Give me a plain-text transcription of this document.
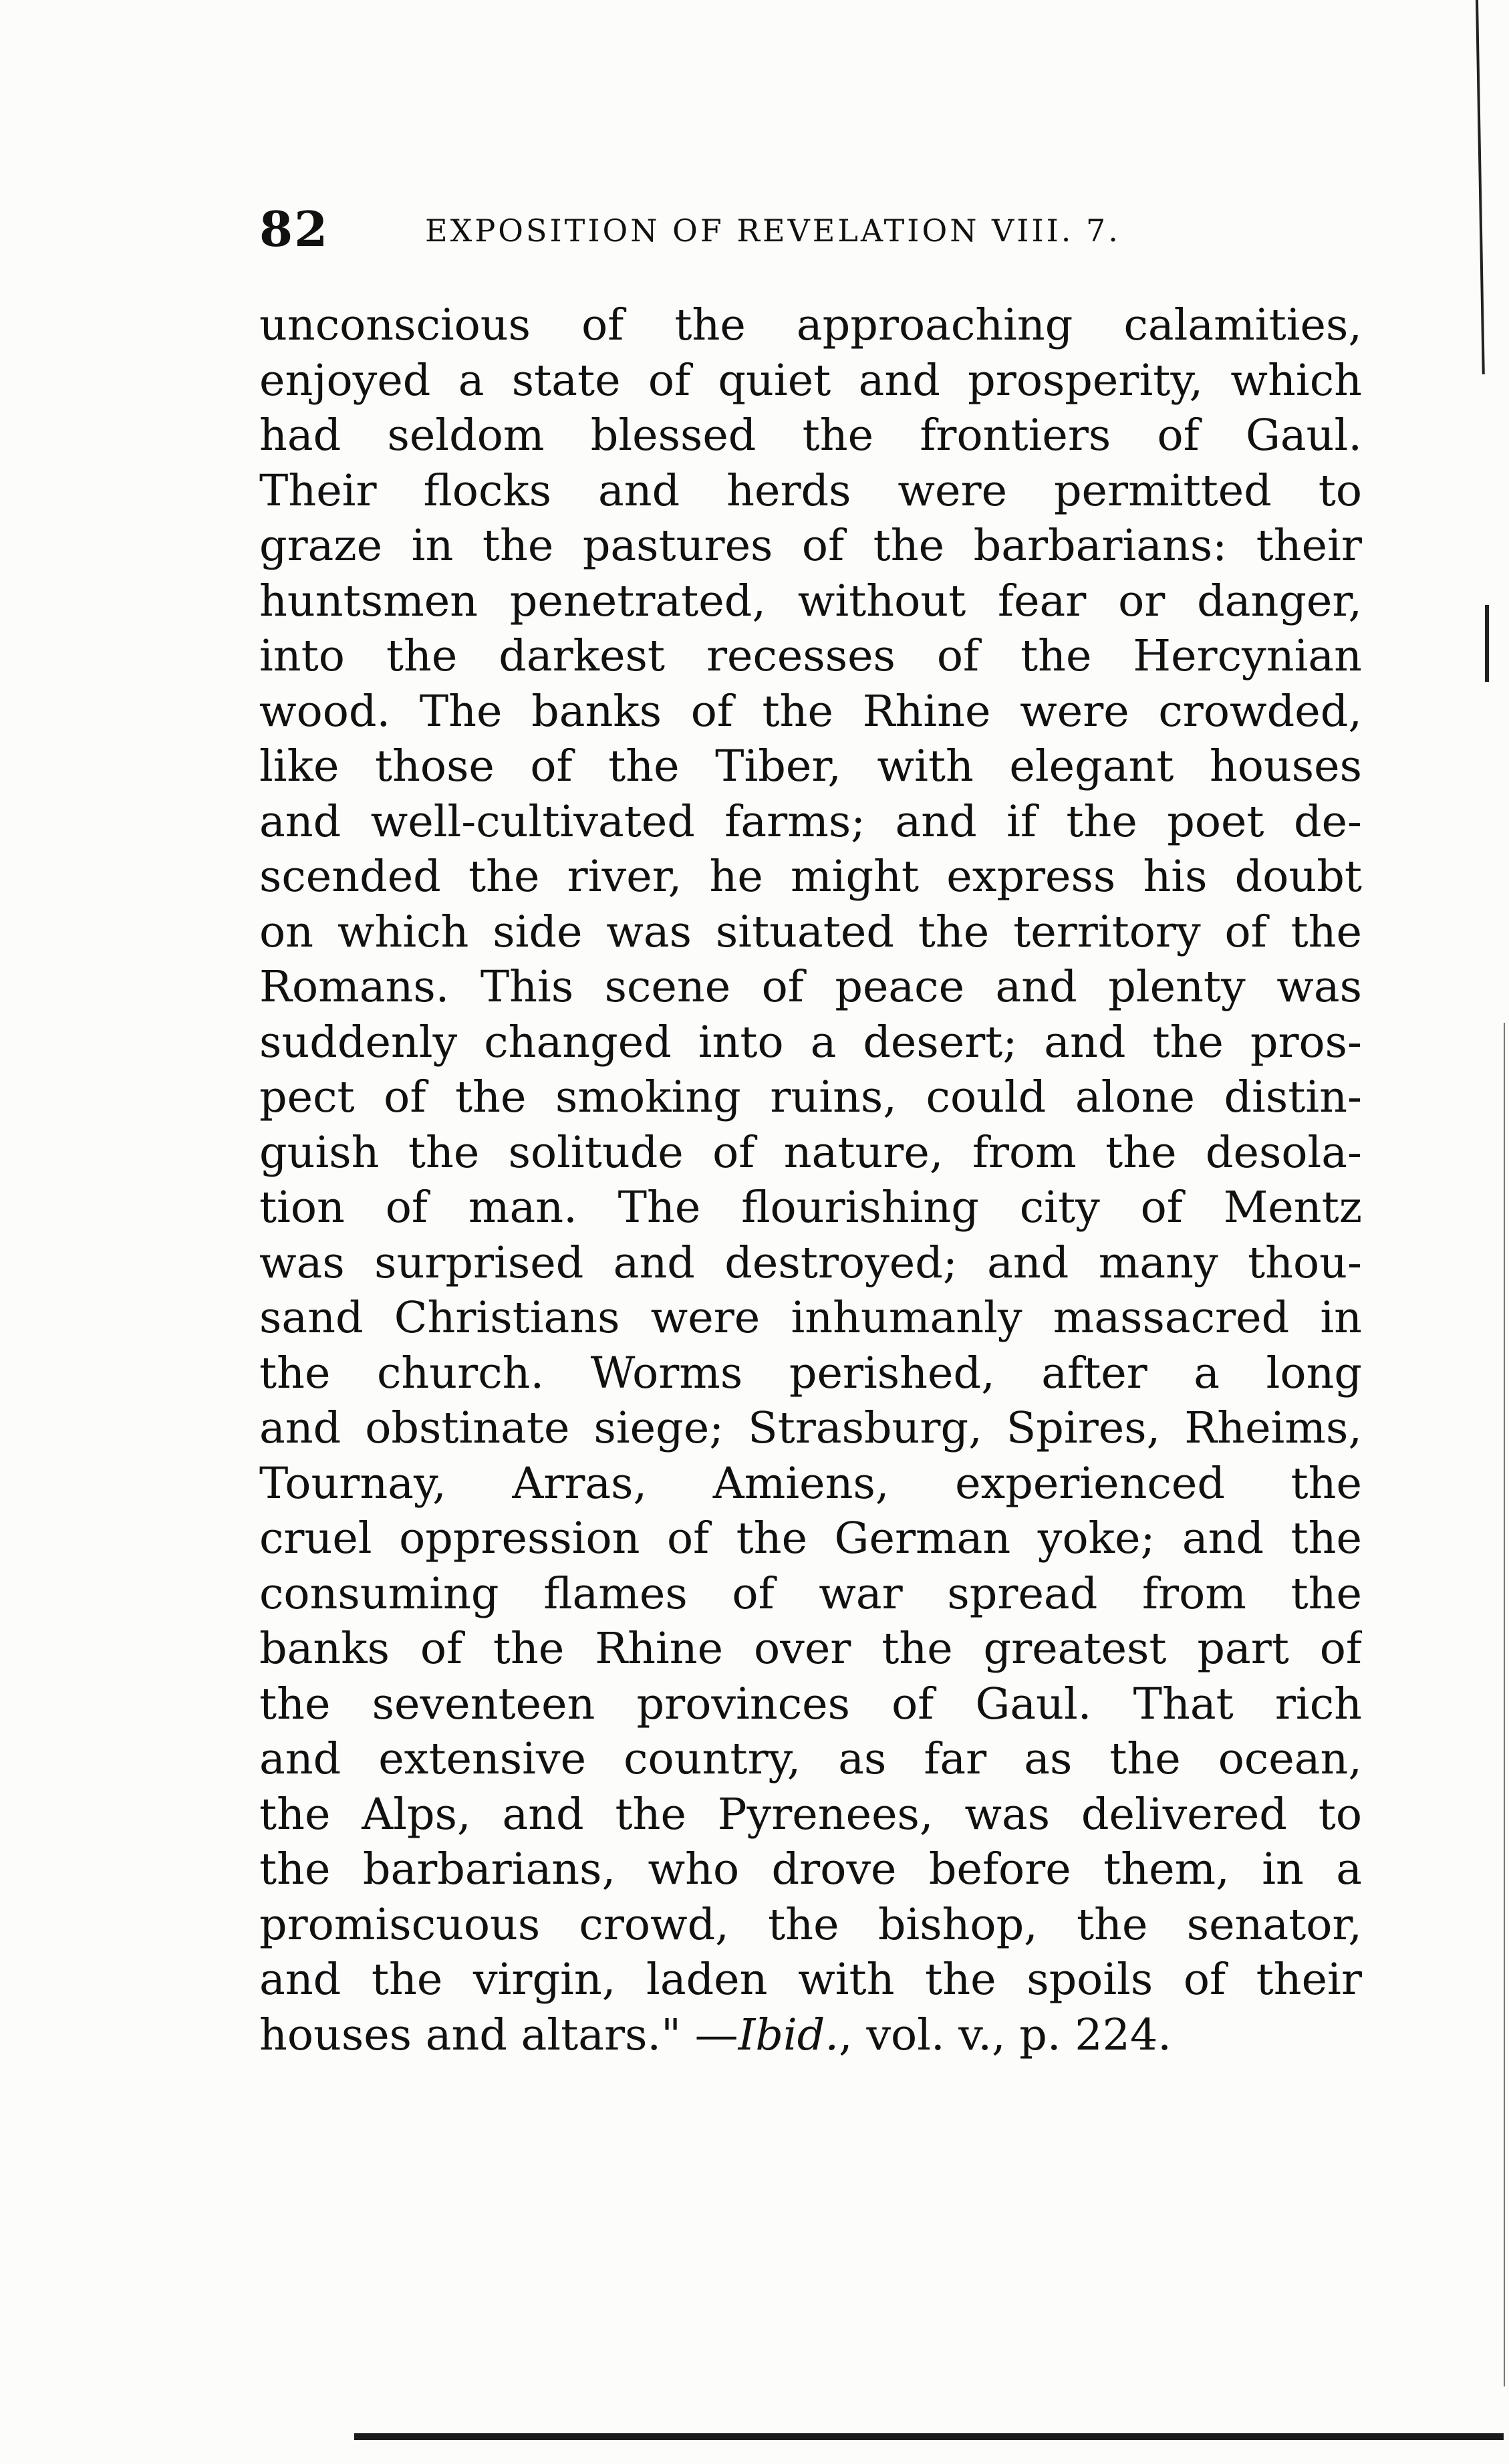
82	EXPOSITION OF REVELATION VIII. 7.
unconscious of the approaching calamities,
enjoyed a state of quiet and prosperity, which
had seldom blessed the frontiers of Gaul.
Their flocks and herds were permitted to
graze in the pastures of the barbarians: their
huntsmen penetrated, without fear or danger,
into the darkest recesses of the Hercynian
wood. The banks of the Rhine were crowded,
like those of the Tiber, with elegant houses
and well-cultivated farms; and if the poet de-
scended the river, he might express his doubt
on which side was situated the territory of the
Romans. This scene of peace and plenty was
suddenly changed into a desert; and the pros-
pect of the smoking ruins, could alone distin-
guish the solitude of nature, from the desola-
tion of man. The flourishing city of Mentz
was surprised and destroyed; and many thou-
sand Christians were inhumanly massacred in
the church. Worms perished, after a long
and obstinate siege; Strasburg, Spires, Rheims,
Tournay, Arras, Amiens, experienced the
cruel oppression of the German yoke; and the
consuming flames of war spread from the
banks of the Rhine over the greatest part of
the seventeen provinces of Gaul. That rich
and extensive country, as far as the ocean,
the Alps, and the Pyrenees, was delivered to
the barbarians, who drove before them, in a
promiscuous crowd, the bishop, the senator,
and the virgin, laden with the spoils of their
houses and altars." —Ibid., vol. v., p. 224.
